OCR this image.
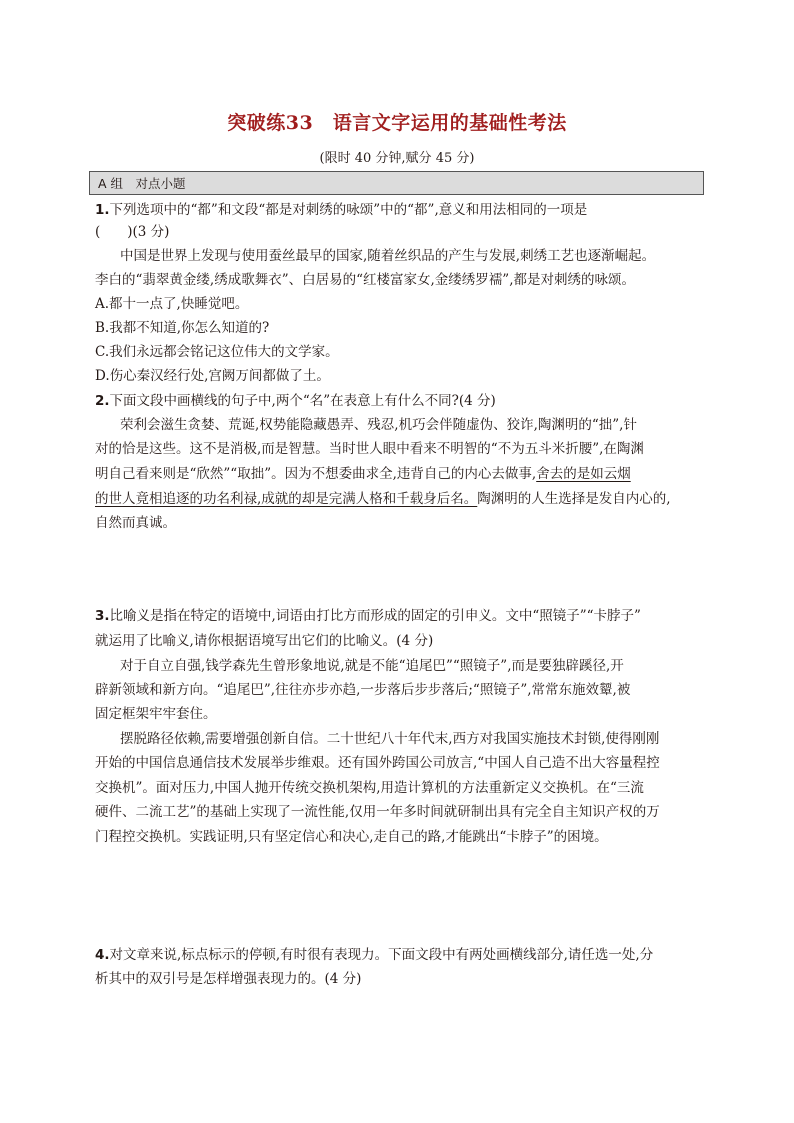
突破练33　语言文字运用的基础性考法
(限时 40 分钟,赋分 45 分)
A 组　对点小题
1.下列选项中的“都”和文段“都是对刺绣的咏颂”中的“都”,意义和用法相同的一项是
(　　)(3 分)
中国是世界上发现与使用蚕丝最早的国家,随着丝织品的产生与发展,刺绣工艺也逐渐崛起。
李白的“翡翠黄金缕,绣成歌舞衣”、白居易的“红楼富家女,金缕绣罗襦”,都是对刺绣的咏颂。
A.都十一点了,快睡觉吧。
B.我都不知道,你怎么知道的?
C.我们永远都会铭记这位伟大的文学家。
D.伤心秦汉经行处,宫阙万间都做了土。
2.下面文段中画横线的句子中,两个“名”在表意上有什么不同?(4 分)
荣利会滋生贪婪、荒诞,权势能隐藏愚弄、残忍,机巧会伴随虚伪、狡诈,陶渊明的“拙”,针
对的恰是这些。这不是消极,而是智慧。当时世人眼中看来不明智的“不为五斗米折腰”,在陶渊
明自己看来则是“欣然”“取拙”。因为不想委曲求全,违背自己的内心去做事,舍去的是如云烟
的世人竟相追逐的功名利禄,成就的却是完满人格和千载身后名。陶渊明的人生选择是发自内心的,
自然而真诚。
3.比喻义是指在特定的语境中,词语由打比方而形成的固定的引申义。文中“照镜子”“卡脖子”
就运用了比喻义,请你根据语境写出它们的比喻义。(4 分)
对于自立自强,钱学森先生曾形象地说,就是不能“追尾巴”“照镜子”,而是要独辟蹊径,开
辟新领域和新方向。“追尾巴”,往往亦步亦趋,一步落后步步落后;“照镜子”,常常东施效颦,被
固定框架牢牢套住。
摆脱路径依赖,需要增强创新自信。二十世纪八十年代末,西方对我国实施技术封锁,使得刚刚
开始的中国信息通信技术发展举步维艰。还有国外跨国公司放言,“中国人自己造不出大容量程控
交换机”。面对压力,中国人抛开传统交换机架构,用造计算机的方法重新定义交换机。在“三流
硬件、二流工艺”的基础上实现了一流性能,仅用一年多时间就研制出具有完全自主知识产权的万
门程控交换机。实践证明,只有坚定信心和决心,走自己的路,才能跳出“卡脖子”的困境。
4.对文章来说,标点标示的停顿,有时很有表现力。下面文段中有两处画横线部分,请任选一处,分
析其中的双引号是怎样增强表现力的。(4 分)
